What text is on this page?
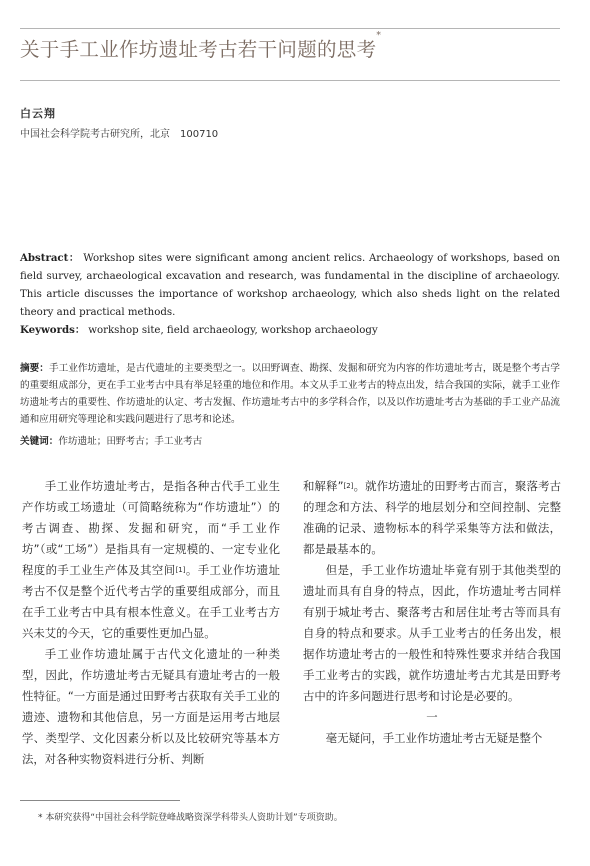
关于手工业作坊遗址考古若干问题的思考*
白云翔
中国社会科学院考古研究所，北京　100710
Abstract： Workshop sites were significant among ancient relics. Archaeology of workshops, based on field survey, archaeological excavation and research, was fundamental in the discipline of archaeology. This article discusses the importance of workshop archaeology, which also sheds light on the related theory and practical methods.
Keywords： workshop site, field archaeology, workshop archaeology
摘要：手工业作坊遗址，是古代遗址的主要类型之一。以田野调查、勘探、发掘和研究为内容的作坊遗址考古，既是整个考古学的重要组成部分，更在手工业考古中具有举足轻重的地位和作用。本文从手工业考古的特点出发，结合我国的实际，就手工业作坊遗址考古的重要性、作坊遗址的认定、考古发掘、作坊遗址考古中的多学科合作，以及以作坊遗址考古为基础的手工业产品流通和应用研究等理论和实践问题进行了思考和论述。
关键词：作坊遗址；田野考古；手工业考古

手工业作坊遗址考古，是指各种古代手工业生产作坊或工场遗址（可简略统称为“作坊遗址”）的考古调查、勘探、发掘和研究，而“手工业作坊”（或“工场”）是指具有一定规模的、一定专业化程度的手工业生产体及其空间[1]。手工业作坊遗址考古不仅是整个近代考古学的重要组成部分，而且在手工业考古中具有根本性意义。在手工业考古方兴未艾的今天，它的重要性更加凸显。

手工业作坊遗址属于古代文化遗址的一种类型，因此，作坊遗址考古无疑具有遗址考古的一般性特征。“一方面是通过田野考古获取有关手工业的遗迹、遗物和其他信息，另一方面是运用考古地层学、类型学、文化因素分析以及比较研究等基本方法，对各种实物资料进行分析、判断

和解释”[2]。就作坊遗址的田野考古而言，聚落考古的理念和方法、科学的地层划分和空间控制、完整准确的记录、遗物标本的科学采集等方法和做法，都是最基本的。

但是，手工业作坊遗址毕竟有别于其他类型的遗址而具有自身的特点，因此，作坊遗址考古同样有别于城址考古、聚落考古和居住址考古等而具有自身的特点和要求。从手工业考古的任务出发，根据作坊遗址考古的一般性和特殊性要求并结合我国手工业考古的实践，就作坊遗址考古尤其是田野考古中的许多问题进行思考和讨论是必要的。

一

毫无疑问，手工业作坊遗址考古无疑是整个

* 本研究获得“中国社会科学院登峰战略资深学科带头人资助计划”专项资助。
